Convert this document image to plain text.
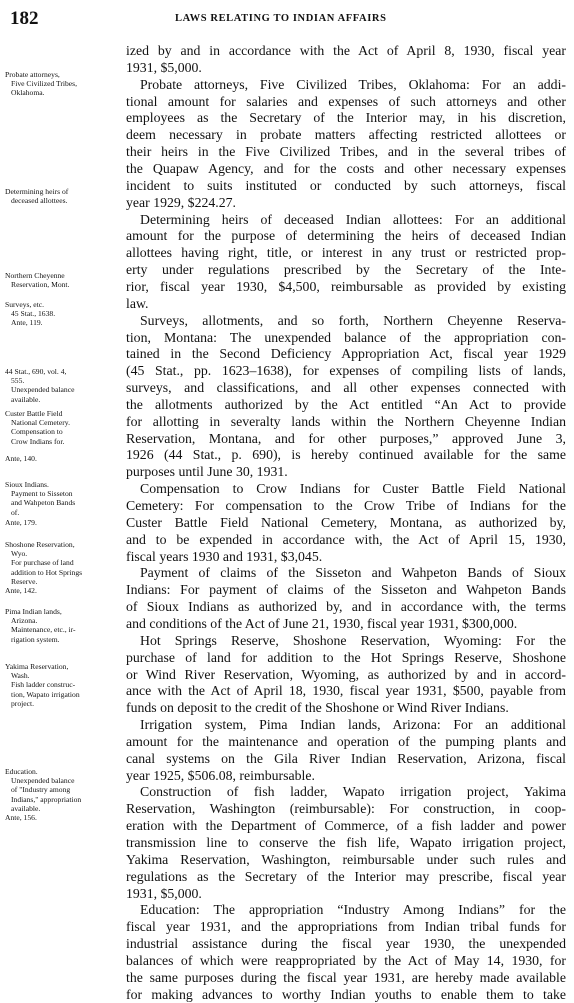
182	LAWS RELATING TO INDIAN AFFAIRS
Probate attorneys,
Five Civilized Tribes,
Oklahoma.
Determining heirs of
deceased allottees.
Northern Cheyenne
Reservation, Mont.
Surveys, etc.
45 Stat., 1638.
Ante, 119.
44 Stat., 690, vol. 4,
555.
Unexpended balance
available.
Custer Battle Field
National Cemetery.
Compensation to
Crow Indians for.
Ante, 140.
Sioux Indians.
Payment to Sisseton
and Wahpeton Bands
of.
Ante, 179.
Shoshone Reservation,
Wyo.
For purchase of land
addition to Hot Springs
Reserve.
Ante, 142.
Pima Indian lands,
Arizona.
Maintenance, etc., ir-
rigation system.
Yakima Reservation,
Wash.
Fish ladder construc-
tion, Wapato irrigation
project.
Education.
Unexpended balance
of "Industry among
Indians," appropriation
available.
Ante, 156.
ized by and in accordance with the Act of April 8, 1930, fiscal year
1931, $5,000.
Probate attorneys, Five Civilized Tribes, Oklahoma: For an addi-
tional amount for salaries and expenses of such attorneys and other
employees as the Secretary of the Interior may, in his discretion,
deem necessary in probate matters affecting restricted allottees or
their heirs in the Five Civilized Tribes, and in the several tribes of
the Quapaw Agency, and for the costs and other necessary expenses
incident to suits instituted or conducted by such attorneys, fiscal
year 1929, $224.27.
Determining heirs of deceased Indian allottees: For an additional
amount for the purpose of determining the heirs of deceased Indian
allottees having right, title, or interest in any trust or restricted prop-
erty under regulations prescribed by the Secretary of the Inte-
rior, fiscal year 1930, $4,500, reimbursable as provided by existing
law.
Surveys, allotments, and so forth, Northern Cheyenne Reserva-
tion, Montana: The unexpended balance of the appropriation con-
tained in the Second Deficiency Appropriation Act, fiscal year 1929
(45 Stat., pp. 1623–1638), for expenses of compiling lists of lands,
surveys, and classifications, and all other expenses connected with
the allotments authorized by the Act entitled “An Act to provide
for allotting in severalty lands within the Northern Cheyenne Indian
Reservation, Montana, and for other purposes,” approved June 3,
1926 (44 Stat., p. 690), is hereby continued available for the same
purposes until June 30, 1931.
Compensation to Crow Indians for Custer Battle Field National
Cemetery: For compensation to the Crow Tribe of Indians for the
Custer Battle Field National Cemetery, Montana, as authorized by,
and to be expended in accordance with, the Act of April 15, 1930,
fiscal years 1930 and 1931, $3,045.
Payment of claims of the Sisseton and Wahpeton Bands of Sioux
Indians: For payment of claims of the Sisseton and Wahpeton Bands
of Sioux Indians as authorized by, and in accordance with, the terms
and conditions of the Act of June 21, 1930, fiscal year 1931, $300,000.
Hot Springs Reserve, Shoshone Reservation, Wyoming: For the
purchase of land for addition to the Hot Springs Reserve, Shoshone
or Wind River Reservation, Wyoming, as authorized by and in accord-
ance with the Act of April 18, 1930, fiscal year 1931, $500, payable from
funds on deposit to the credit of the Shoshone or Wind River Indians.
Irrigation system, Pima Indian lands, Arizona: For an additional
amount for the maintenance and operation of the pumping plants and
canal systems on the Gila River Indian Reservation, Arizona, fiscal
year 1925, $506.08, reimbursable.
Construction of fish ladder, Wapato irrigation project, Yakima
Reservation, Washington (reimbursable): For construction, in coop-
eration with the Department of Commerce, of a fish ladder and power
transmission line to conserve the fish life, Wapato irrigation project,
Yakima Reservation, Washington, reimbursable under such rules and
regulations as the Secretary of the Interior may prescribe, fiscal year
1931, $5,000.
Education: The appropriation “Industry Among Indians” for the
fiscal year 1931, and the appropriations from Indian tribal funds for
industrial assistance during the fiscal year 1930, the unexpended
balances of which were reappropriated by the Act of May 14, 1930, for
the same purposes during the fiscal year 1931, are hereby made available
for making advances to worthy Indian youths to enable them to take
